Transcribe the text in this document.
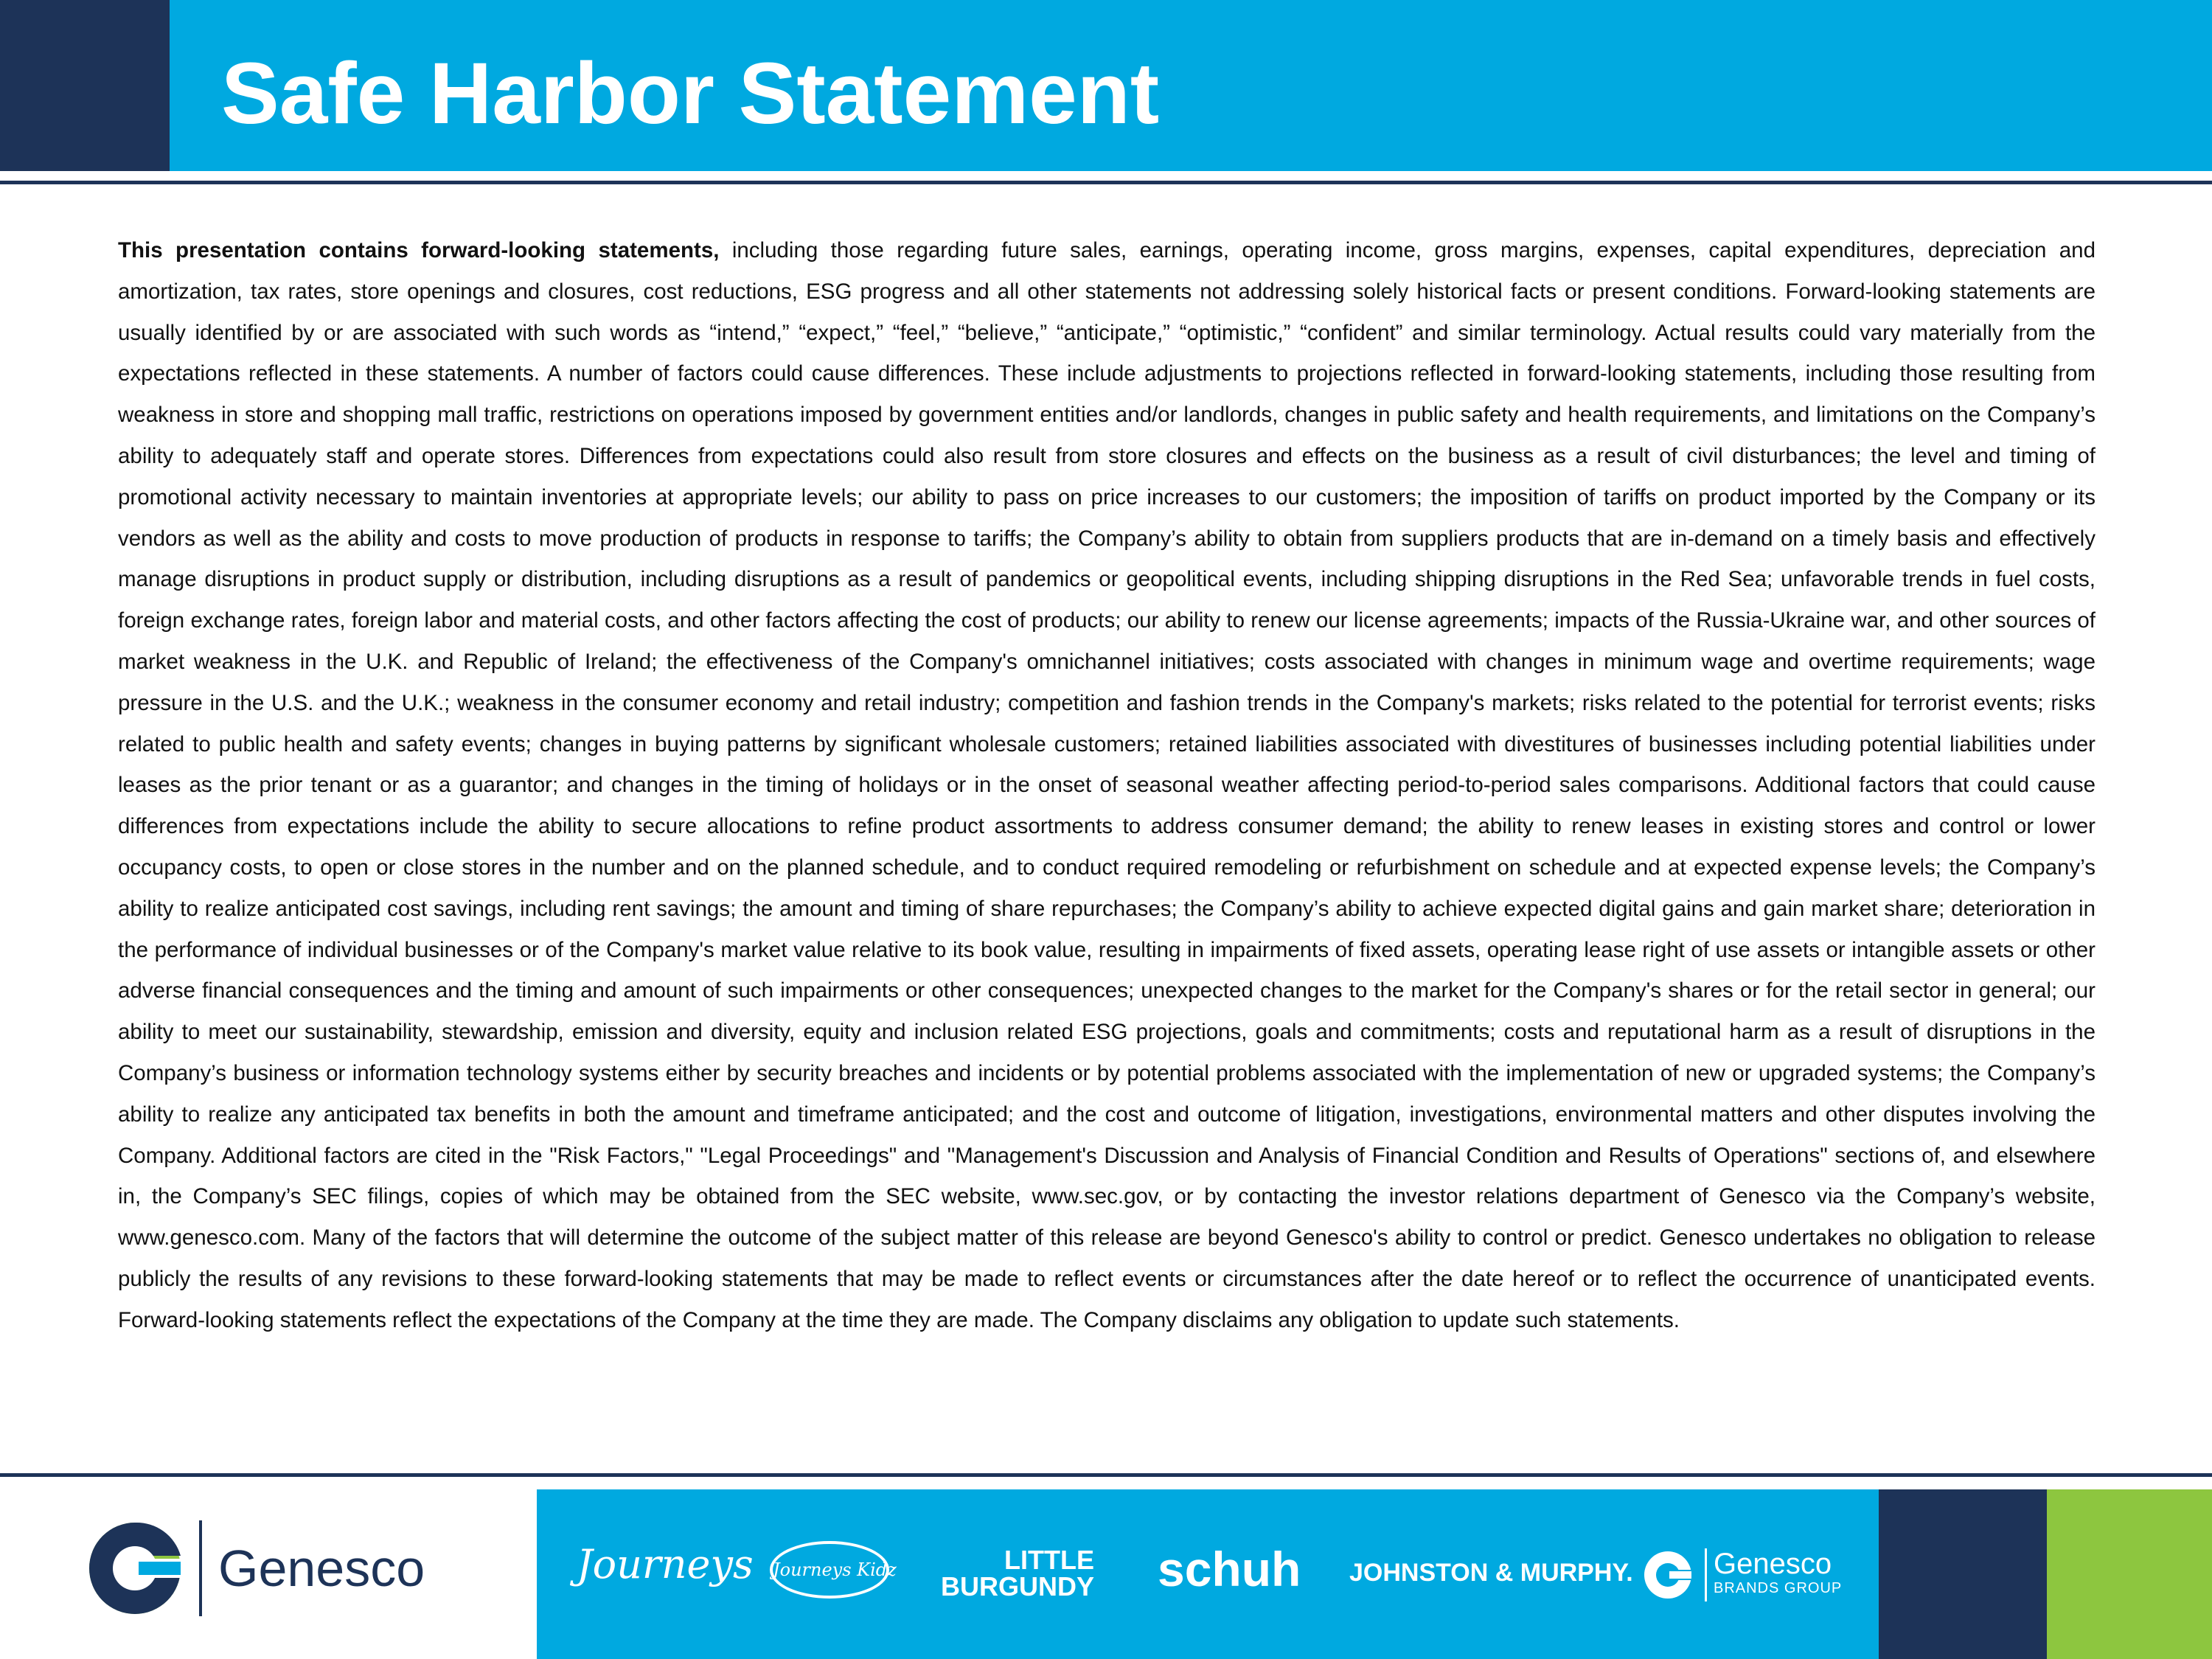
Safe Harbor Statement

This presentation contains forward-looking statements, including those regarding future sales, earnings, operating income, gross margins, expenses, capital expenditures, depreciation and amortization, tax rates, store openings and closures, cost reductions, ESG progress and all other statements not addressing solely historical facts or present conditions. Forward-looking statements are usually identified by or are associated with such words as “intend,” “expect,” “feel,” “believe,” “anticipate,” “optimistic,” “confident” and similar terminology. Actual results could vary materially from the expectations reflected in these statements. A number of factors could cause differences. These include adjustments to projections reflected in forward-looking statements, including those resulting from weakness in store and shopping mall traffic, restrictions on operations imposed by government entities and/or landlords, changes in public safety and health requirements, and limitations on the Company’s ability to adequately staff and operate stores. Differences from expectations could also result from store closures and effects on the business as a result of civil disturbances; the level and timing of promotional activity necessary to maintain inventories at appropriate levels; our ability to pass on price increases to our customers; the imposition of tariffs on product imported by the Company or its vendors as well as the ability and costs to move production of products in response to tariffs; the Company’s ability to obtain from suppliers products that are in-demand on a timely basis and effectively manage disruptions in product supply or distribution, including disruptions as a result of pandemics or geopolitical events, including shipping disruptions in the Red Sea; unfavorable trends in fuel costs, foreign exchange rates, foreign labor and material costs, and other factors affecting the cost of products; our ability to renew our license agreements; impacts of the Russia-Ukraine war, and other sources of market weakness in the U.K. and Republic of Ireland; the effectiveness of the Company's omnichannel initiatives; costs associated with changes in minimum wage and overtime requirements; wage pressure in the U.S. and the U.K.; weakness in the consumer economy and retail industry; competition and fashion trends in the Company's markets; risks related to the potential for terrorist events; risks related to public health and safety events; changes in buying patterns by significant wholesale customers; retained liabilities associated with divestitures of businesses including potential liabilities under leases as the prior tenant or as a guarantor; and changes in the timing of holidays or in the onset of seasonal weather affecting period-to-period sales comparisons. Additional factors that could cause differences from expectations include the ability to secure allocations to refine product assortments to address consumer demand; the ability to renew leases in existing stores and control or lower occupancy costs, to open or close stores in the number and on the planned schedule, and to conduct required remodeling or refurbishment on schedule and at expected expense levels; the Company’s ability to realize anticipated cost savings, including rent savings; the amount and timing of share repurchases; the Company’s ability to achieve expected digital gains and gain market share; deterioration in the performance of individual businesses or of the Company's market value relative to its book value, resulting in impairments of fixed assets, operating lease right of use assets or intangible assets or other adverse financial consequences and the timing and amount of such impairments or other consequences; unexpected changes to the market for the Company's shares or for the retail sector in general; our ability to meet our sustainability, stewardship, emission and diversity, equity and inclusion related ESG projections, goals and commitments; costs and reputational harm as a result of disruptions in the Company’s business or information technology systems either by security breaches and incidents or by potential problems associated with the implementation of new or upgraded systems; the Company’s ability to realize any anticipated tax benefits in both the amount and timeframe anticipated; and the cost and outcome of litigation, investigations, environmental matters and other disputes involving the Company. Additional factors are cited in the "Risk Factors," "Legal Proceedings" and "Management's Discussion and Analysis of Financial Condition and Results of Operations" sections of, and elsewhere in, the Company’s SEC filings, copies of which may be obtained from the SEC website, www.sec.gov, or by contacting the investor relations department of Genesco via the Company’s website, www.genesco.com. Many of the factors that will determine the outcome of the subject matter of this release are beyond Genesco's ability to control or predict. Genesco undertakes no obligation to release publicly the results of any revisions to these forward-looking statements that may be made to reflect events or circumstances after the date hereof or to reflect the occurrence of unanticipated events. Forward-looking statements reflect the expectations of the Company at the time they are made. The Company disclaims any obligation to update such statements.

Genesco	Journeys Journeys Kidz	LITTLE
BURGUNDY schuh JOHNSTON & MURPHY.	Genesco
BRANDS GROUP
